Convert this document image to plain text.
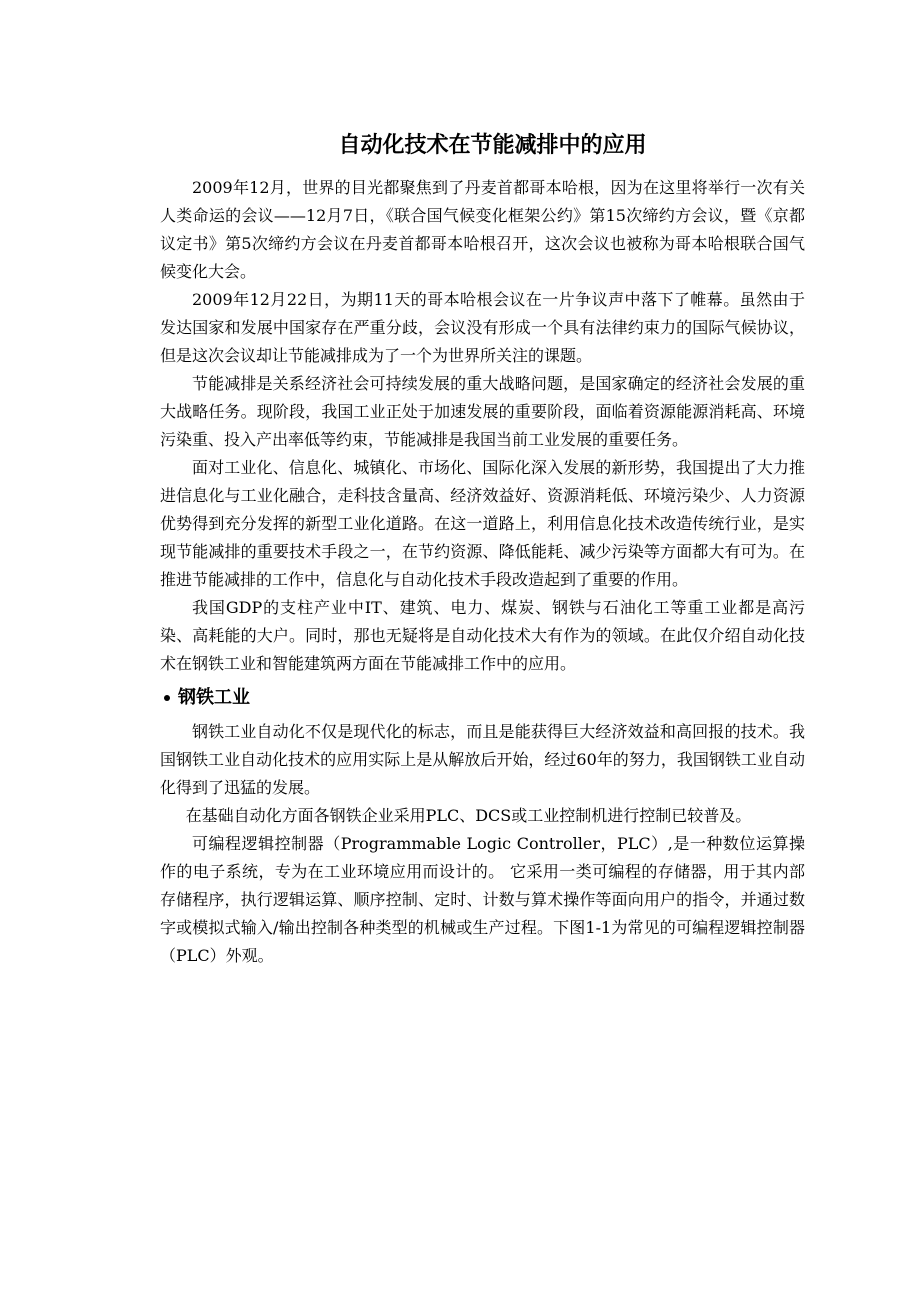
自动化技术在节能减排中的应用

2009年12月，世界的目光都聚焦到了丹麦首都哥本哈根，因为在这里将举行一次有关人类命运的会议——12月7日，《联合国气候变化框架公约》第15次缔约方会议，暨《京都议定书》第5次缔约方会议在丹麦首都哥本哈根召开，这次会议也被称为哥本哈根联合国气候变化大会。

2009年12月22日，为期11天的哥本哈根会议在一片争议声中落下了帷幕。虽然由于发达国家和发展中国家存在严重分歧，会议没有形成一个具有法律约束力的国际气候协议，但是这次会议却让节能减排成为了一个为世界所关注的课题。

节能减排是关系经济社会可持续发展的重大战略问题，是国家确定的经济社会发展的重大战略任务。现阶段，我国工业正处于加速发展的重要阶段，面临着资源能源消耗高、环境污染重、投入产出率低等约束，节能减排是我国当前工业发展的重要任务。

面对工业化、信息化、城镇化、市场化、国际化深入发展的新形势，我国提出了大力推进信息化与工业化融合，走科技含量高、经济效益好、资源消耗低、环境污染少、人力资源优势得到充分发挥的新型工业化道路。在这一道路上，利用信息化技术改造传统行业，是实现节能减排的重要技术手段之一，在节约资源、降低能耗、减少污染等方面都大有可为。在推进节能减排的工作中，信息化与自动化技术手段改造起到了重要的作用。

我国GDP的支柱产业中IT、建筑、电力、煤炭、钢铁与石油化工等重工业都是高污染、高耗能的大户。同时，那也无疑将是自动化技术大有作为的领域。在此仅介绍自动化技术在钢铁工业和智能建筑两方面在节能减排工作中的应用。

钢铁工业

钢铁工业自动化不仅是现代化的标志，而且是能获得巨大经济效益和高回报的技术。我国钢铁工业自动化技术的应用实际上是从解放后开始，经过60年的努力，我国钢铁工业自动化得到了迅猛的发展。

在基础自动化方面各钢铁企业采用PLC、DCS或工业控制机进行控制已较普及。

可编程逻辑控制器（Programmable Logic Controller，PLC）,是一种数位运算操作的电子系统，专为在工业环境应用而设计的。 它采用一类可编程的存储器，用于其内部存储程序，执行逻辑运算、顺序控制、定时、计数与算术操作等面向用户的指令，并通过数字或模拟式输入/输出控制各种类型的机械或生产过程。下图1-1为常见的可编程逻辑控制器（PLC）外观。
